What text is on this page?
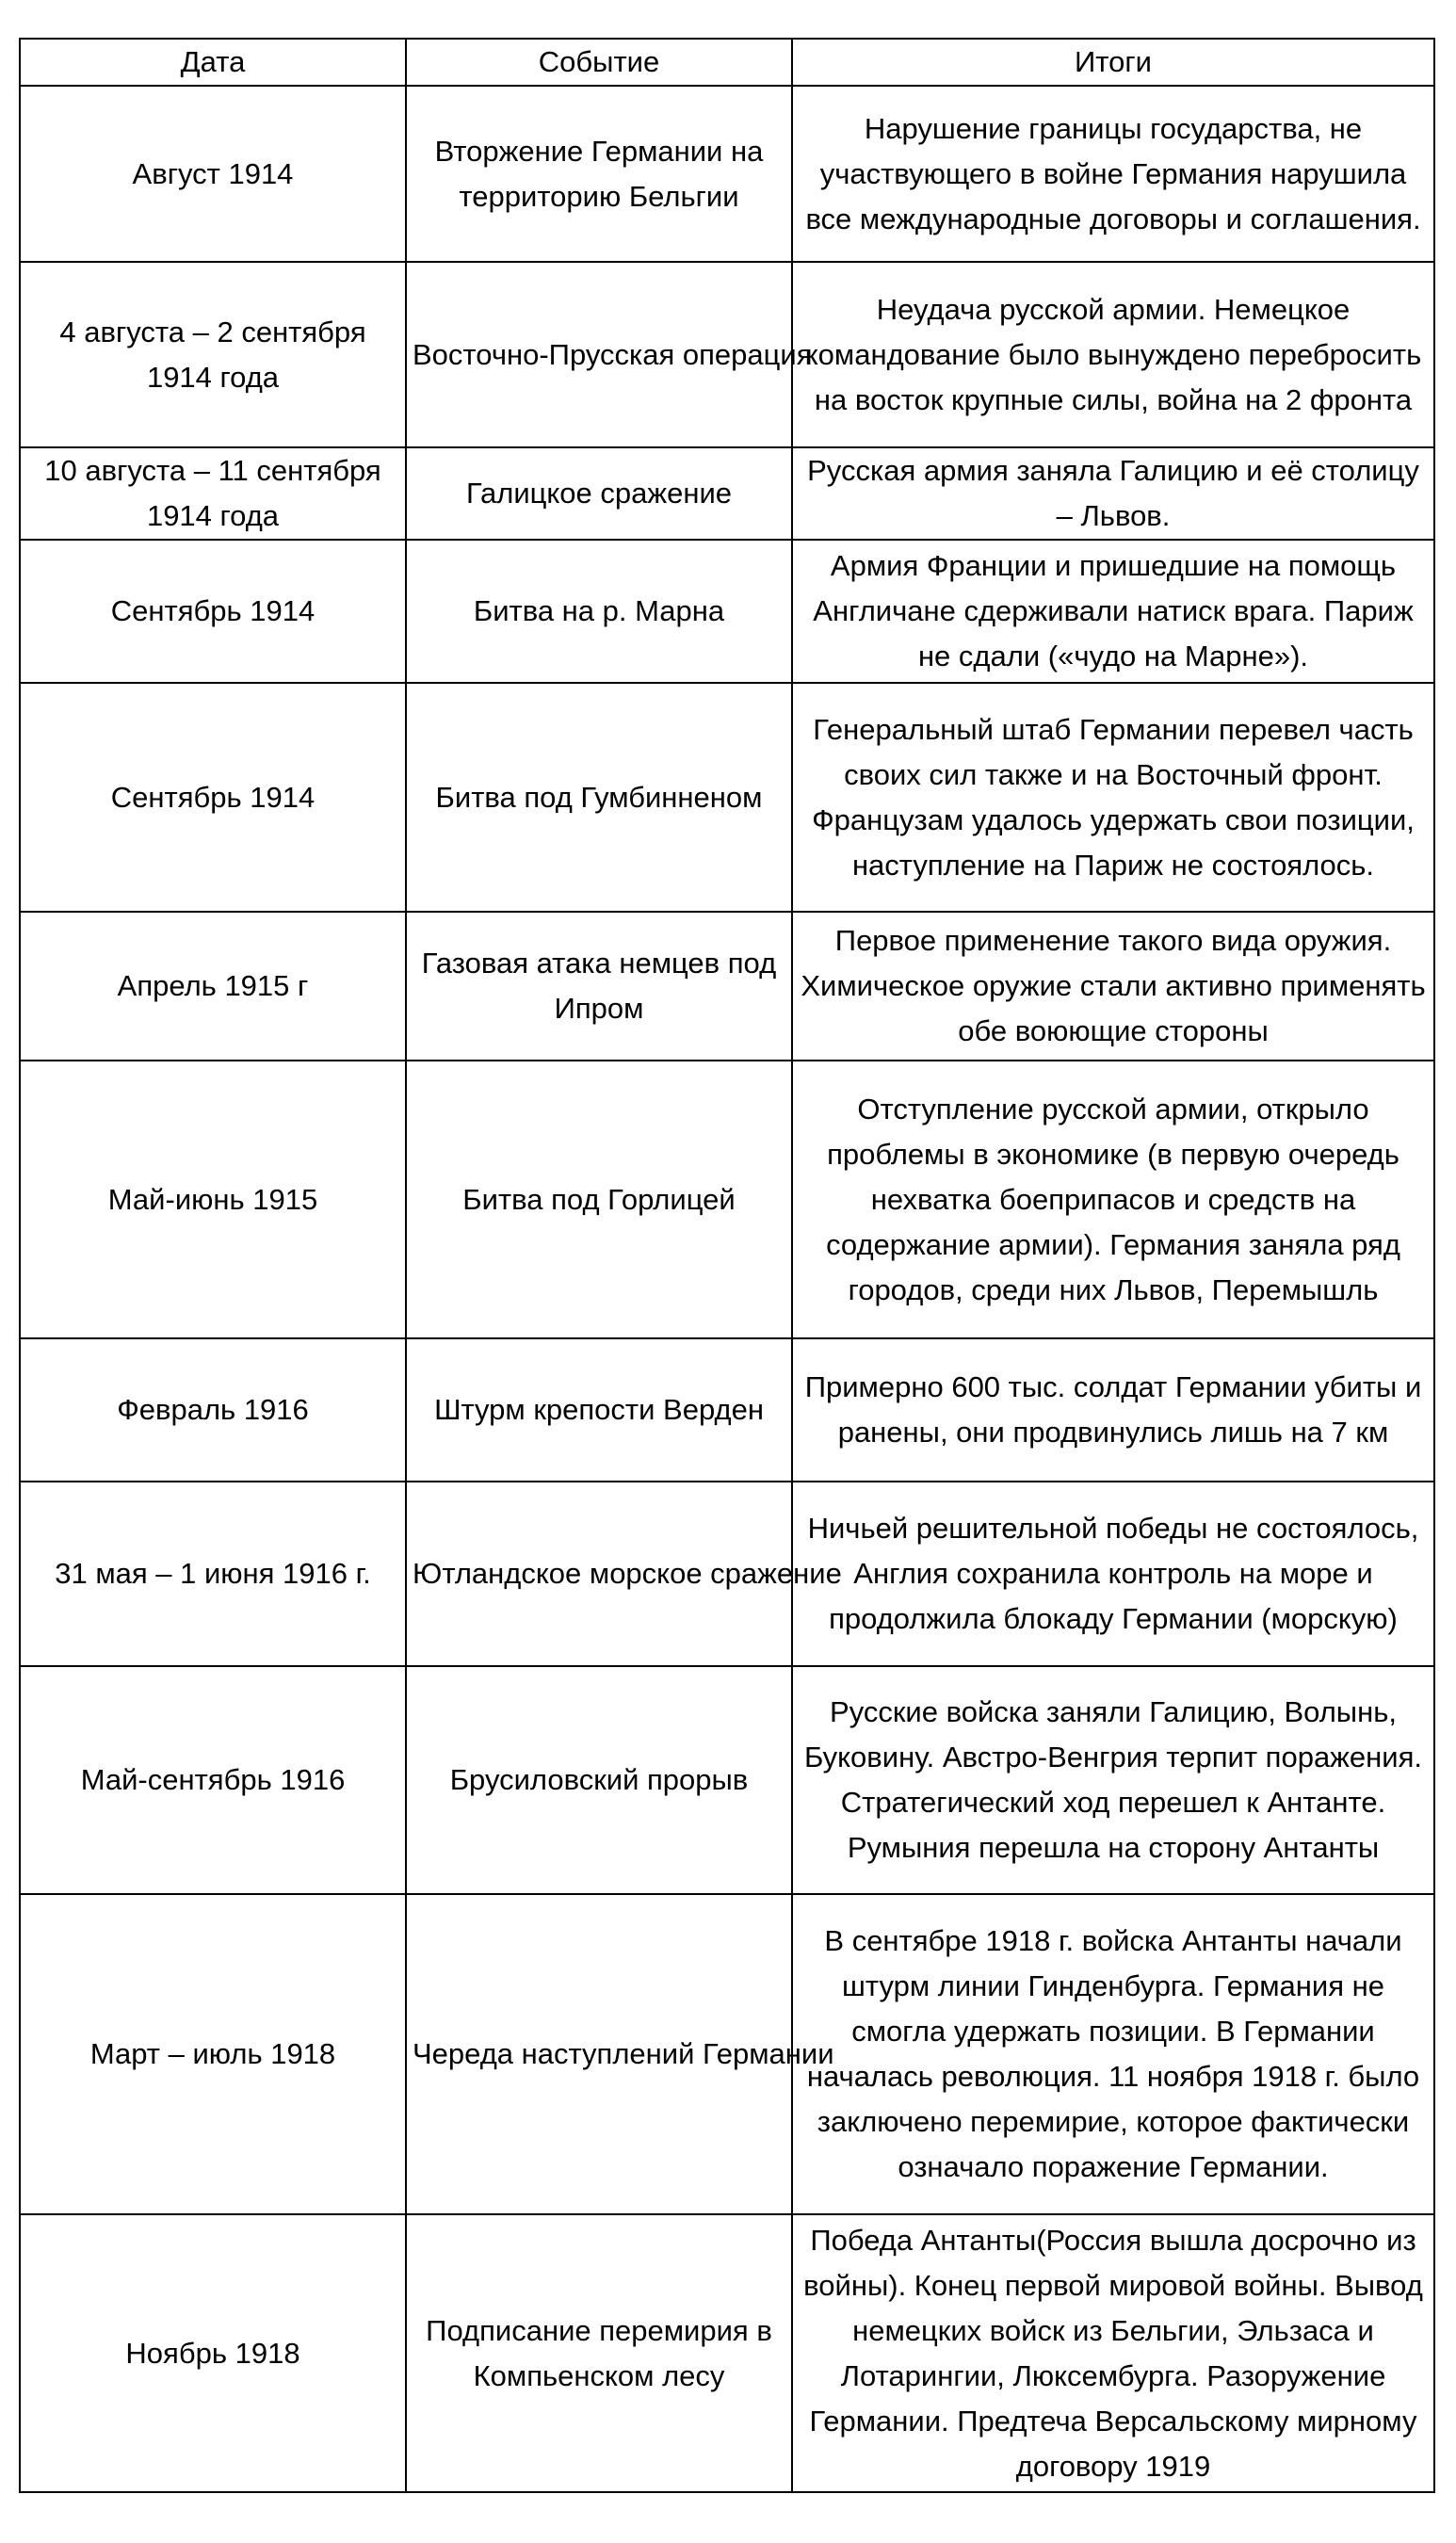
Дата	Событие	Итоги
Август 1914	Вторжение Германии на территорию Бельгии	Нарушение границы государства, не участвующего в войне Германия нарушила все международные договоры и соглашения.
4 августа – 2 сентября 1914 года	Восточно-Прусская операция	Неудача русской армии. Немецкое командование было вынуждено перебросить на восток крупные силы, война на 2 фронта
10 августа – 11 сентября 1914 года	Галицкое сражение	Русская армия заняла Галицию и её столицу – Львов.
Сентябрь 1914	Битва на р. Марна	Армия Франции и пришедшие на помощь Англичане сдерживали натиск врага. Париж не сдали («чудо на Марне»).
Сентябрь 1914	Битва под Гумбинненом	Генеральный штаб Германии перевел часть своих сил также и на Восточный фронт. Французам удалось удержать свои позиции, наступление на Париж не состоялось.
Апрель 1915 г	Газовая атака немцев под Ипром	Первое применение такого вида оружия. Химическое оружие стали активно применять обе воюющие стороны
Май-июнь 1915	Битва под Горлицей	Отступление русской армии, открыло проблемы в экономике (в первую очередь нехватка боеприпасов и средств на содержание армии). Германия заняла ряд городов, среди них Львов, Перемышль
Февраль 1916	Штурм крепости Верден	Примерно 600 тыс. солдат Германии убиты и ранены, они продвинулись лишь на 7 км
31 мая – 1 июня 1916 г.	Ютландское морское сражение	Ничьей решительной победы не состоялось, Англия сохранила контроль на море и продолжила блокаду Германии (морскую)
Май-сентябрь 1916	Брусиловский прорыв	Русские войска заняли Галицию, Волынь, Буковину. Австро-Венгрия терпит поражения. Стратегический ход перешел к Антанте. Румыния перешла на сторону Антанты
Март – июль 1918	Череда наступлений Германии	В сентябре 1918 г. войска Антанты начали штурм линии Гинденбурга. Германия не смогла удержать позиции. В Германии началась революция. 11 ноября 1918 г. было заключено перемирие, которое фактически означало поражение Германии.
Ноябрь 1918	Подписание перемирия в Компьенском лесу	Победа Антанты(Россия вышла досрочно из войны). Конец первой мировой войны. Вывод немецких войск из Бельгии, Эльзаса и Лотарингии, Люксембурга. Разоружение Германии. Предтеча Версальскому мирному договору 1919
